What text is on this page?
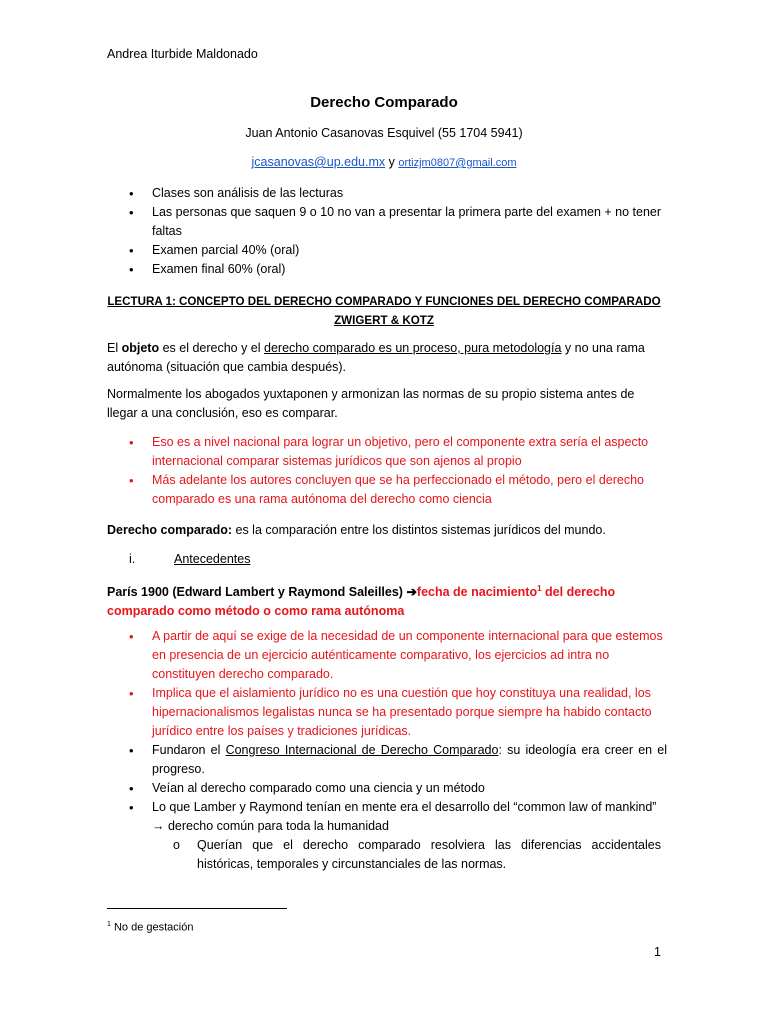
Andrea Iturbide Maldonado
Derecho Comparado
Juan Antonio Casanovas Esquivel (55 1704 5941)
jcasanovas@up.edu.mx y ortizjm0807@gmail.com
• Clases son análisis de las lecturas
• Las personas que saquen 9 o 10 no van a presentar la primera parte del examen + no tener faltas
• Examen parcial 40% (oral)
• Examen final 60% (oral)
LECTURA 1: CONCEPTO DEL DERECHO COMPARADO Y FUNCIONES DEL DERECHO COMPARADO
ZWIGERT & KOTZ
El objeto es el derecho y el derecho comparado es un proceso, pura metodología y no una rama autónoma (situación que cambia después).
Normalmente los abogados yuxtaponen y armonizan las normas de su propio sistema antes de llegar a una conclusión, eso es comparar.
• Eso es a nivel nacional para lograr un objetivo, pero el componente extra sería el aspecto internacional comparar sistemas jurídicos que son ajenos al propio
• Más adelante los autores concluyen que se ha perfeccionado el método, pero el derecho comparado es una rama autónoma del derecho como ciencia
Derecho comparado: es la comparación entre los distintos sistemas jurídicos del mundo.
i.	Antecedentes
París 1900 (Edward Lambert y Raymond Saleilles) ➔fecha de nacimiento$^1$ del derecho comparado como método o como rama autónoma
• A partir de aquí se exige de la necesidad de un componente internacional para que estemos en presencia de un ejercicio auténticamente comparativo, los ejercicios ad intra no constituyen derecho comparado.
• Implica que el aislamiento jurídico no es una cuestión que hoy constituya una realidad, los hipernacionalismos legalistas nunca se ha presentado porque siempre ha habido contacto jurídico entre los países y tradiciones jurídicas.
• Fundaron el Congreso Internacional de Derecho Comparado: su ideología era creer en el progreso.
• Veían al derecho comparado como una ciencia y un método
• Lo que Lamber y Raymond tenían en mente era el desarrollo del “common law of mankind” → derecho común para toda la humanidad
o Querían que el derecho comparado resolviera las diferencias accidentales históricas, temporales y circunstanciales de las normas.
$^1$ No de gestación
1
